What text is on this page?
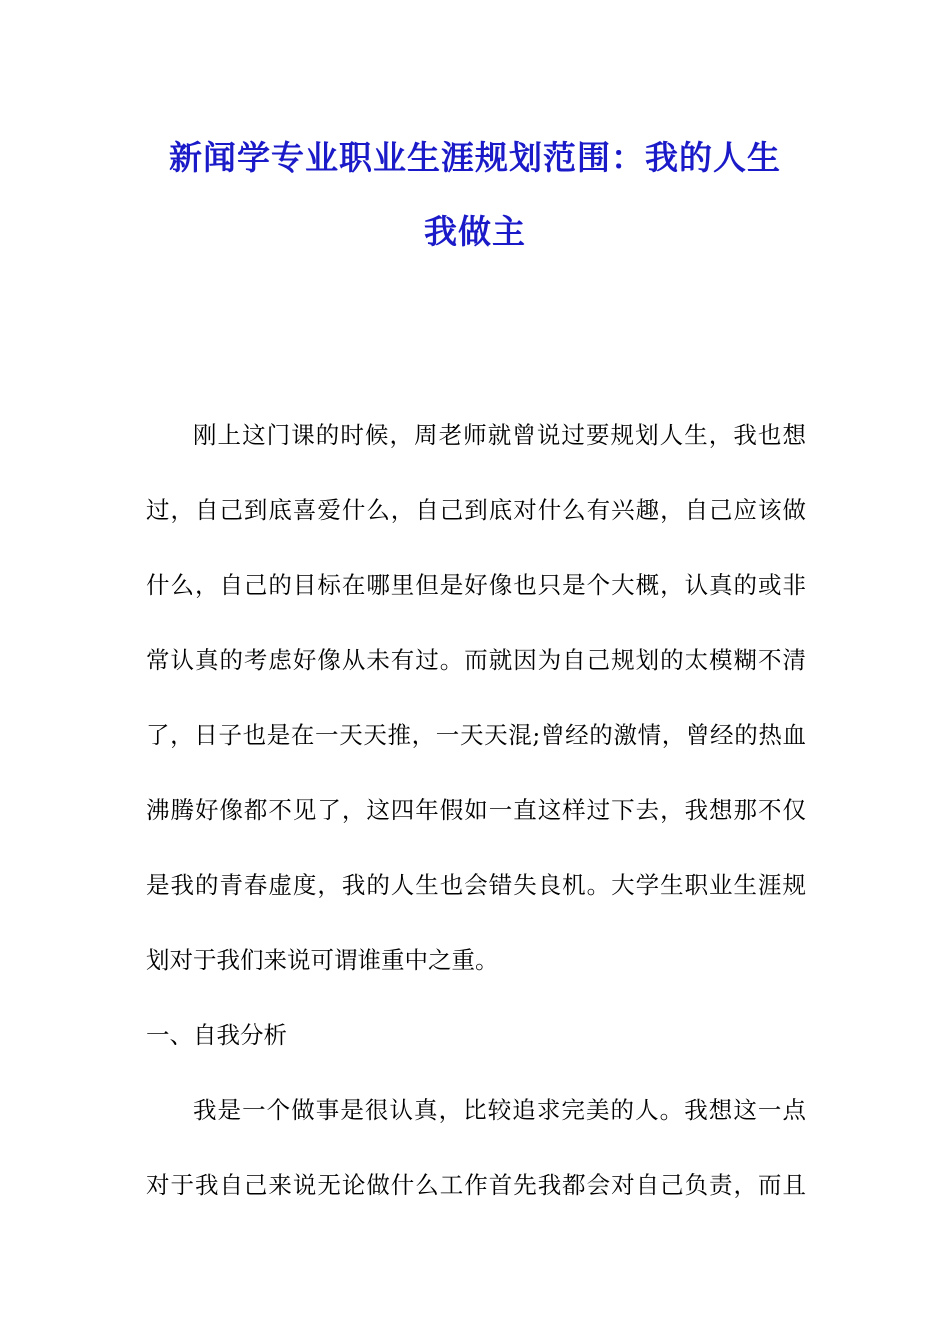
新闻学专业职业生涯规划范围：我的人生
我做主
刚上这门课的时候，周老师就曾说过要规划人生，我也想
过，自己到底喜爱什么，自己到底对什么有兴趣，自己应该做
什么，自己的目标在哪里但是好像也只是个大概，认真的或非
常认真的考虑好像从未有过。而就因为自己规划的太模糊不清
了，日子也是在一天天推，一天天混;曾经的激情，曾经的热血
沸腾好像都不见了，这四年假如一直这样过下去，我想那不仅
是我的青春虚度，我的人生也会错失良机。大学生职业生涯规
划对于我们来说可谓谁重中之重。
一、自我分析
我是一个做事是很认真，比较追求完美的人。我想这一点
对于我自己来说无论做什么工作首先我都会对自己负责，而且
